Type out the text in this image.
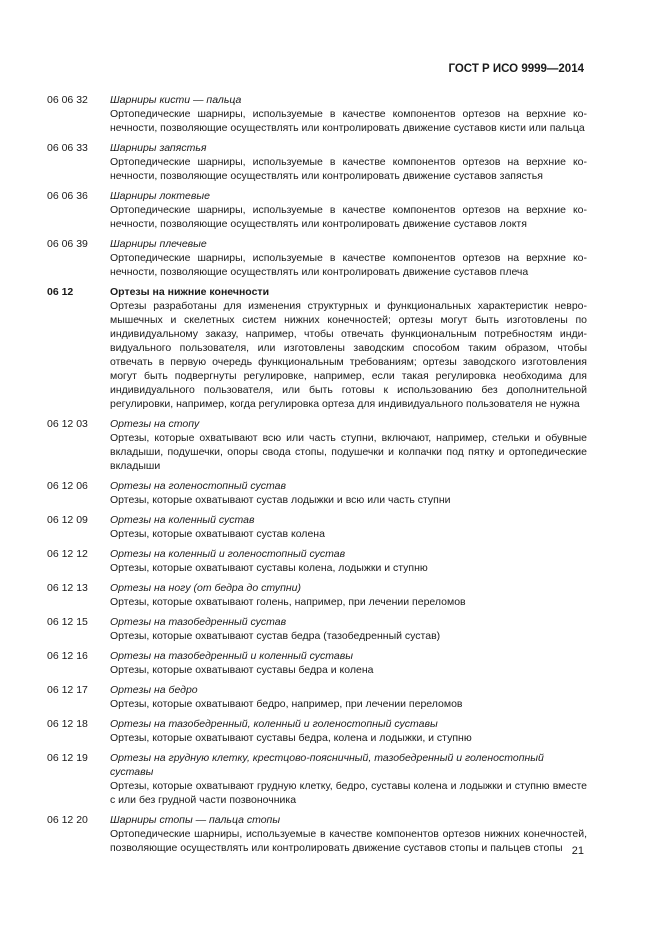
ГОСТ Р ИСО 9999—2014
06 06 32	Шарниры кисти — пальца
Ортопедические шарниры, используемые в качестве компонентов ортезов на верхние конечности, позволяющие осуществлять или контролировать движение суставов кисти или пальца
06 06 33	Шарниры запястья
Ортопедические шарниры, используемые в качестве компонентов ортезов на верхние конечности, позволяющие осуществлять или контролировать движение суставов запястья
06 06 36	Шарниры локтевые
Ортопедические шарниры, используемые в качестве компонентов ортезов на верхние конечности, позволяющие осуществлять или контролировать движение суставов локтя
06 06 39	Шарниры плечевые
Ортопедические шарниры, используемые в качестве компонентов ортезов на верхние конечности, позволяющие осуществлять или контролировать движение суставов плеча
06 12	Ортезы на нижние конечности
Ортезы разработаны для изменения структурных и функциональных характеристик невромышечных и скелетных систем нижних конечностей; ортезы могут быть изготовлены по индивидуальному заказу, например, чтобы отвечать функциональным потребностям индивидуального пользователя, или изготовлены заводским способом таким образом, чтобы отвечать в первую очередь функциональным требованиям; ортезы заводского изготовления могут быть подвергнуты регулировке, например, если такая регулировка необходима для индивидуального пользователя, или быть готовы к использованию без дополнительной регулировки, например, когда регулировка ортеза для индивидуального пользователя не нужна
06 12 03	Ортезы на стопу
Ортезы, которые охватывают всю или часть ступни, включают, например, стельки и обувные вкладыши, подушечки, опоры свода стопы, подушечки и колпачки под пятку и ортопедические вкладыши
06 12 06	Ортезы на голеностопный сустав
Ортезы, которые охватывают сустав лодыжки и всю или часть ступни
06 12 09	Ортезы на коленный сустав
Ортезы, которые охватывают сустав колена
06 12 12	Ортезы на коленный и голеностопный сустав
Ортезы, которые охватывают суставы колена, лодыжки и ступню
06 12 13	Ортезы на ногу (от бедра до ступни)
Ортезы, которые охватывают голень, например, при лечении переломов
06 12 15	Ортезы на тазобедренный сустав
Ортезы, которые охватывают сустав бедра (тазобедренный сустав)
06 12 16	Ортезы на тазобедренный и коленный суставы
Ортезы, которые охватывают суставы бедра и колена
06 12 17	Ортезы на бедро
Ортезы, которые охватывают бедро, например, при лечении переломов
06 12 18	Ортезы на тазобедренный, коленный и голеностопный суставы
Ортезы, которые охватывают суставы бедра, колена и лодыжки, и ступню
06 12 19	Ортезы на грудную клетку, крестцово-поясничный, тазобедренный и голеностопный суставы
Ортезы, которые охватывают грудную клетку, бедро, суставы колена и лодыжки и ступню вместе с или без грудной части позвоночника
06 12 20	Шарниры стопы — пальца стопы
Ортопедические шарниры, используемые в качестве компонентов ортезов нижних конечностей, позволяющие осуществлять или контролировать движение суставов стопы и пальцев стопы 21
